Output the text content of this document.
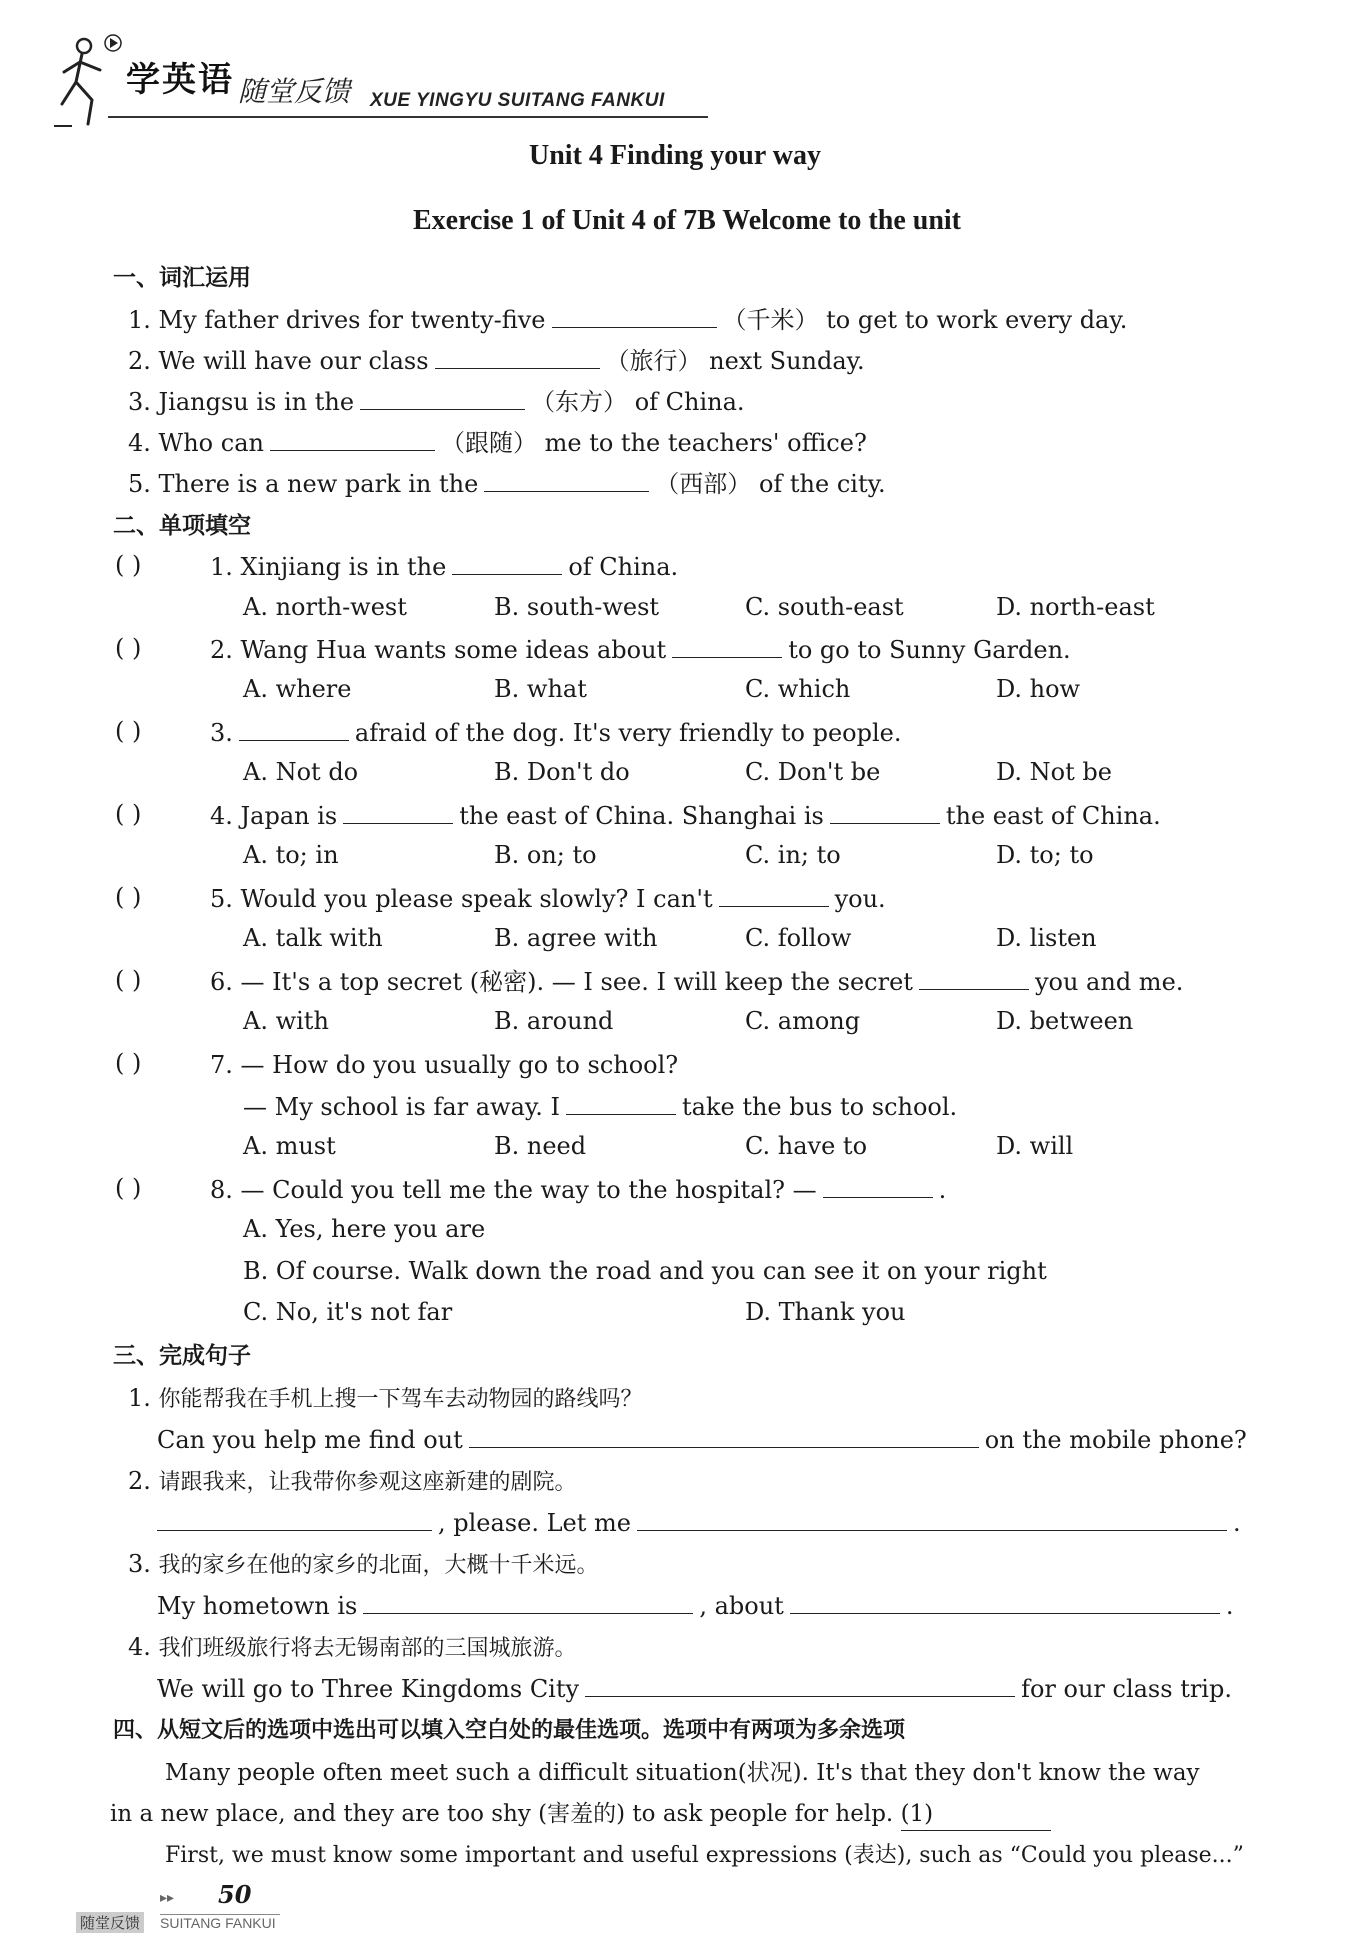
学英语 随堂反馈 XUE YINGYU SUITANG FANKUI
Unit 4 Finding your way
Exercise 1 of Unit 4 of 7B Welcome to the unit
一、词汇运用
1. My father drives for twenty-five	（千米） to get to work every day.
2. We will have our class	（旅行） next Sunday.
3. Jiangsu is in the	（东方） of China.
4. Who can	（跟随） me to the teachers' office?
5. There is a new park in the	（西部） of the city.
二、单项填空
( )	1. Xinjiang is in the	of China.
A. north-west	B. south-west	C. south-east	D. north-east
( )	2. Wang Hua wants some ideas about	to go to Sunny Garden.
A. where	B. what	C. which	D. how
( )	3.	afraid of the dog. It's very friendly to people.
A. Not do	B. Don't do	C. Don't be	D. Not be
( )	4. Japan is	the east of China. Shanghai is	the east of China.
A. to; in	B. on; to	C. in; to	D. to; to
( )	5. Would you please speak slowly? I can't	you.
A. talk with	B. agree with	C. follow	D. listen
( )	6. — It's a top secret (秘密). — I see. I will keep the secret	you and me.
A. with	B. around	C. among	D. between
( )	7. — How do you usually go to school?
— My school is far away. I	take the bus to school.
A. must	B. need	C. have to	D. will
( )	8. — Could you tell me the way to the hospital? —	.
A. Yes, here you are
B. Of course. Walk down the road and you can see it on your right
C. No, it's not far	D. Thank you
三、完成句子
1. 你能帮我在手机上搜一下驾车去动物园的路线吗？
Can you help me find out	on the mobile phone?
2. 请跟我来，让我带你参观这座新建的剧院。
, please. Let me	.
3. 我的家乡在他的家乡的北面，大概十千米远。
My hometown is	, about	.
4. 我们班级旅行将去无锡南部的三国城旅游。
We will go to Three Kingdoms City	for our class trip.
四、从短文后的选项中选出可以填入空白处的最佳选项。选项中有两项为多余选项
Many people often meet such a difficult situation(状况). It's that they don't know the way
in a new place, and they are too shy (害羞的) to ask people for help. (1)
First, we must know some important and useful expressions (表达), such as “Could you please...”
▸▸ 50
随堂反馈 SUITANG FANKUI
